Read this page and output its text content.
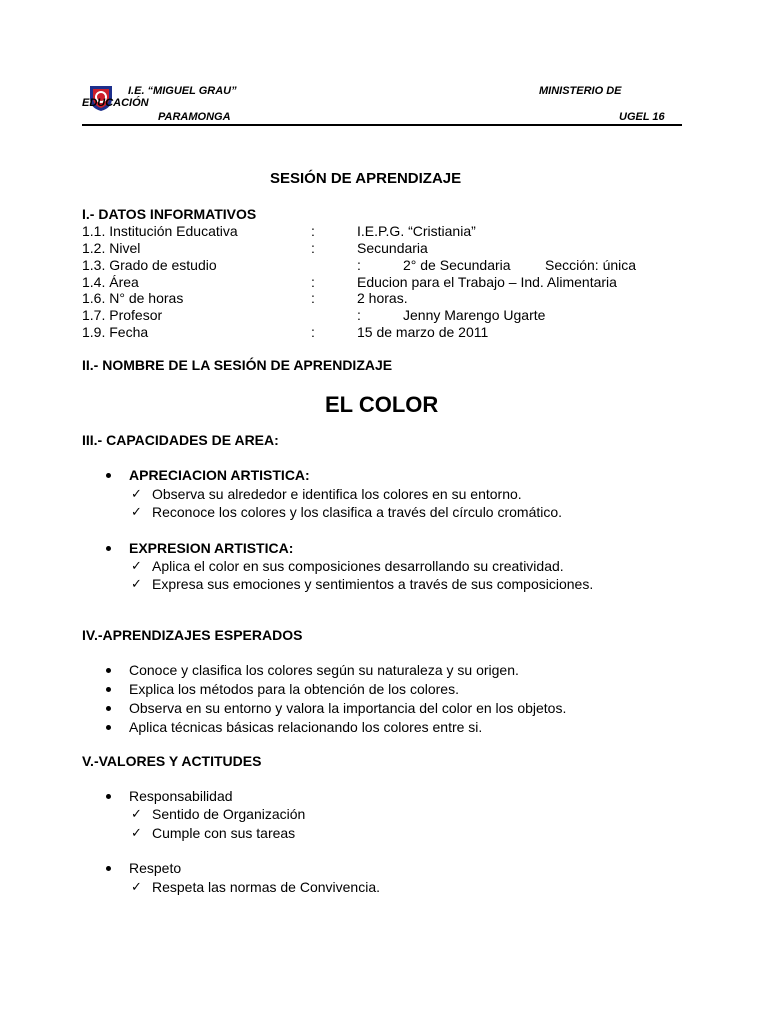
I.E. “MIGUEL GRAU”	MINISTERIO DE
EDUCACIÓN
PARAMONGA	UGEL 16
SESIÓN DE APRENDIZAJE
I.- DATOS INFORMATIVOS
1.1. Institución Educativa	:	I.E.P.G. “Cristiania”
1.2. Nivel	:	Secundaria
1.3. Grado de estudio	:	2° de Secundaria Sección: única
1.4. Área	:	Educion para el Trabajo – Ind. Alimentaria
1.6. N° de horas	:	2 horas.
1.7. Profesor	:	Jenny Marengo Ugarte
1.9. Fecha	:	15 de marzo de 2011
II.- NOMBRE DE LA SESIÓN DE APRENDIZAJE
EL COLOR
III.- CAPACIDADES DE AREA:
APRECIACION ARTISTICA:
✓ Observa su alrededor e identifica los colores en su entorno.
✓ Reconoce los colores y los clasifica a través del círculo cromático.
EXPRESION ARTISTICA:
✓ Aplica el color en sus composiciones desarrollando su creatividad.
✓ Expresa sus emociones y sentimientos a través de sus composiciones.
IV.-APRENDIZAJES ESPERADOS
Conoce y clasifica los colores según su naturaleza y su origen.
Explica los métodos para la obtención de los colores.
Observa en su entorno y valora la importancia del color en los objetos.
Aplica técnicas básicas relacionando los colores entre si.
V.-VALORES Y ACTITUDES
Responsabilidad
✓ Sentido de Organización
✓ Cumple con sus tareas
Respeto
✓ Respeta las normas de Convivencia.
